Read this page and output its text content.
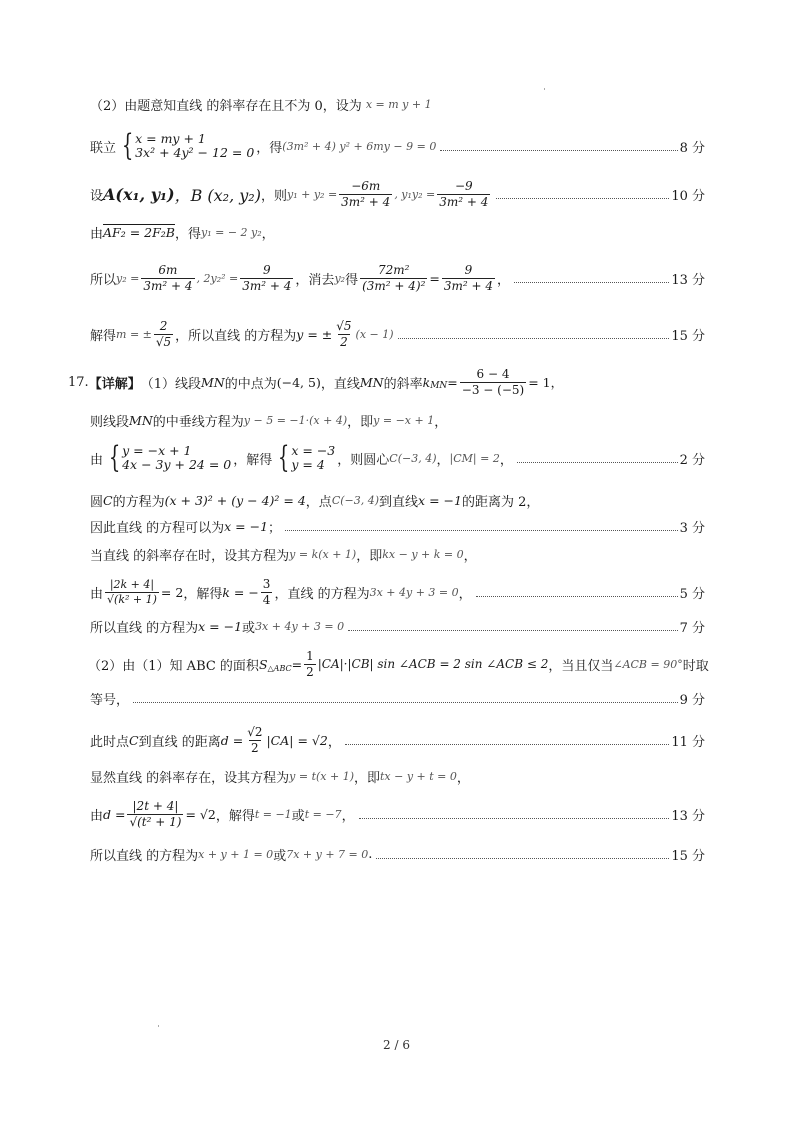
（2）由题意知直线 的斜率存在且不为 0，设为 x = m y + 1
联立 { x = my + 1
3x² + 4y² − 12 = 0 ，得 (3m² + 4) y² + 6my − 9 = 0	8 分
设 A(x₁, y₁) ，B (x₂, y₂) ，则 $y_1 + y_2 = \frac{-6m}{\text{3m² + 4}}$ , $y_1y_2 = \frac{-9}{\text{3m² + 4}}$	10 分
由 AF₂ = 2F₂B ，得 y₁ = − 2 y₂ ，
所以 $y_2 = \frac{6m}{\text{3m² + 4}}$ , $2y_2^2 = \frac{9}{\text{3m² + 4}}$ ，消去 y₂ 得 $\frac{\text{72m²}}{\text{(3m² + 4)²}} = \frac{9}{\text{3m² + 4}}$ ，	13 分
解得 m = ± $\frac{2}{√5}$ ，所以直线 的方程为 y = ± $\frac{√5}{2} (x - 1)$	15 分
17. 【详解】 （1）线段 MN 的中点为 (−4, 5) ，直线 MN 的斜率 $k_{MN} = \frac{6 - 4}{-3 - (-5)} = 1$，
则线段 MN 的中垂线方程为 y − 5 = −1·(x + 4) ，即 y = −x + 1 ，
由 { y = −x + 1
4x − 3y + 24 = 0 ，解得 { x = −3
y = 4 ，则圆心 C(−3, 4) ， |CM| = 2 ，	2 分
圆 C 的方程为 (x + 3)² + (y − 4)² = 4 ，点 C(−3, 4) 到直线 x = −1 的距离为 2，
因此直线 的方程可以为 x = −1 ；	3 分
当直线 的斜率存在时，设其方程为 y = k(x + 1) ，即 kx − y + k = 0 ，
由 $\frac{|2k + 4|}{\text{√(k² + 1)}} = 2$ ，解得 k = − $\frac{3}{4}$ ，直线 的方程为 3x + 4y + 3 = 0 ，	5 分
所以直线 的方程为 x = −1 或 3x + 4y + 3 = 0	7 分
（2）由（1）知 ABC 的面积 $S_{\triangle ABC} = \frac{1}{2} |CA|\cdot|CB|$ sin ∠ACB = 2 sin ∠ACB ≤ 2 ，当且仅当 ∠ACB = 90° 时取
等号，	9 分
此时点 C 到直线 的距离 $d = \frac{√2}{2} |CA| = √2$ ，	11 分
显然直线 的斜率存在，设其方程为 y = t(x + 1) ，即 tx − y + t = 0 ，
由 $d = \frac{|2t + 4|}{\text{√(t² + 1)}} = √2$ ，解得 t = −1 或 t = −7 ，	13 分
所以直线 的方程为 x + y + 1 = 0 或 7x + y + 7 = 0 .	15 分
2 / 6
